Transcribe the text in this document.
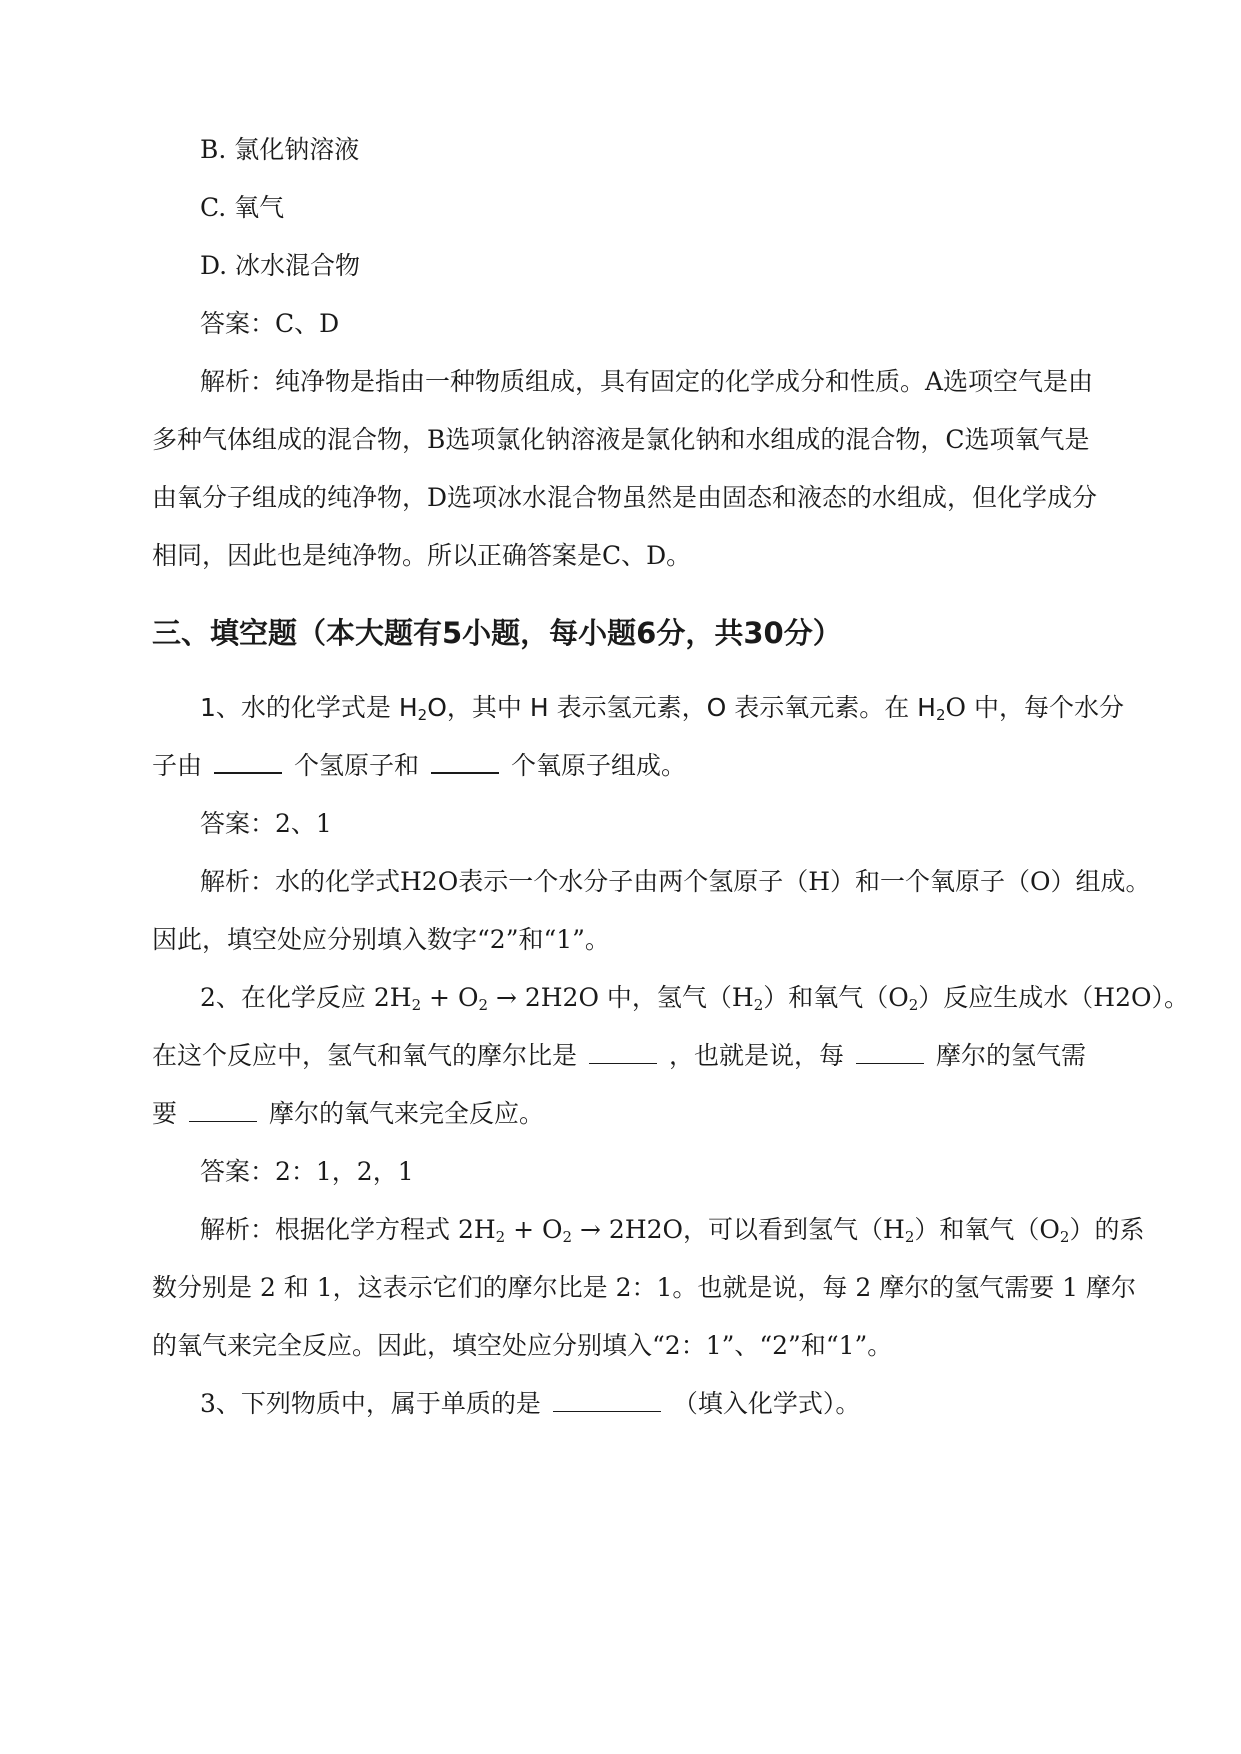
B. 氯化钠溶液
C. 氧气
D. 冰水混合物
答案：C、D
解析：纯净物是指由一种物质组成，具有固定的化学成分和性质。A选项空气是由
多种气体组成的混合物，B选项氯化钠溶液是氯化钠和水组成的混合物，C选项氧气是
由氧分子组成的纯净物，D选项冰水混合物虽然是由固态和液态的水组成，但化学成分
相同，因此也是纯净物。所以正确答案是C、D。
三、填空题（本大题有5小题，每小题6分，共30分）
1、水的化学式是 $H_2O$，其中 H 表示氢元素，O 表示氧元素。在 $H_2O$ 中，每个水分
子由	个氢原子和	个氧原子组成。
答案：2、1
解析：水的化学式H2O表示一个水分子由两个氢原子（H）和一个氧原子（O）组成。
因此，填空处应分别填入数字“2”和“1”。
2、在化学反应 $2H_2 + O_2 \to 2H2O$ 中，氢气$(H_2)$和氧气$(O_2)$反应生成水（H2O）。
在这个反应中，氢气和氧气的摩尔比是	，也就是说，每	摩尔的氢气需
要	摩尔的氧气来完全反应。
答案：2：1，2，1
解析：根据化学方程式 $2H_2 + O_2 \to 2H2O$，可以看到氢气$(H_2)$和氧气$(O_2)$的系
数分别是 2 和 1，这表示它们的摩尔比是 2：1。也就是说，每 2 摩尔的氢气需要 1 摩尔
的氧气来完全反应。因此，填空处应分别填入“2：1”、“2”和“1”。
3、下列物质中，属于单质的是	（填入化学式）。
